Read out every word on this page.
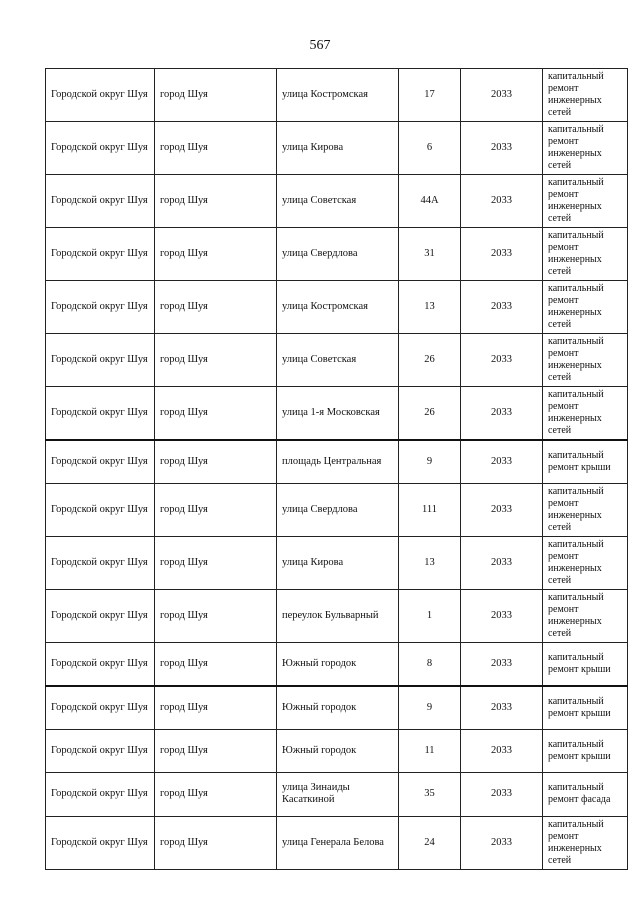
567
Городской округ Шуя	город Шуя	улица Костромская	17	2033	капитальный ремонт инженерных сетей
Городской округ Шуя	город Шуя	улица Кирова	6	2033	капитальный ремонт инженерных сетей
Городской округ Шуя	город Шуя	улица Советская	44А	2033	капитальный ремонт инженерных сетей
Городской округ Шуя	город Шуя	улица Свердлова	31	2033	капитальный ремонт инженерных сетей
Городской округ Шуя	город Шуя	улица Костромская	13	2033	капитальный ремонт инженерных сетей
Городской округ Шуя	город Шуя	улица Советская	26	2033	капитальный ремонт инженерных сетей
Городской округ Шуя	город Шуя	улица 1-я Московская	26	2033	капитальный ремонт инженерных сетей
Городской округ Шуя	город Шуя	площадь Центральная	9	2033	капитальный ремонт крыши
Городской округ Шуя	город Шуя	улица Свердлова	111	2033	капитальный ремонт инженерных сетей
Городской округ Шуя	город Шуя	улица Кирова	13	2033	капитальный ремонт инженерных сетей
Городской округ Шуя	город Шуя	переулок Бульварный	1	2033	капитальный ремонт инженерных сетей
Городской округ Шуя	город Шуя	Южный городок	8	2033	капитальный ремонт крыши
Городской округ Шуя	город Шуя	Южный городок	9	2033	капитальный ремонт крыши
Городской округ Шуя	город Шуя	Южный городок	11	2033	капитальный ремонт крыши
Городской округ Шуя	город Шуя	улица Зинаиды Касаткиной	35	2033	капитальный ремонт фасада
Городской округ Шуя	город Шуя	улица Генерала Белова	24	2033	капитальный ремонт инженерных сетей
